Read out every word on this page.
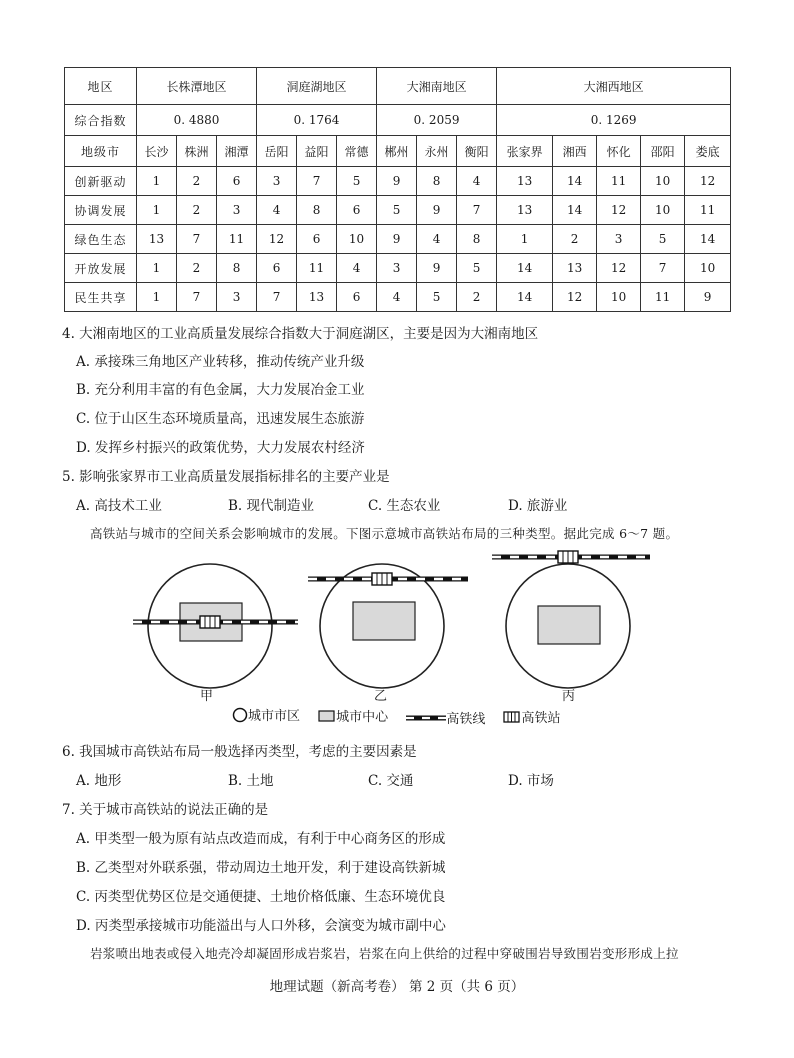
地区	长株潭地区			洞庭湖地区			大湘南地区			大湘西地区				
综合指数	0. 4880			0. 1764			0. 2059			0. 1269				
地级市	长沙	株洲	湘潭	岳阳	益阳	常德	郴州	永州	衡阳	张家界	湘西	怀化	邵阳	娄底
创新驱动	1	2	6	3	7	5	9	8	4	13	14	11	10	12
协调发展	1	2	3	4	8	6	5	9	7	13	14	12	10	11
绿色生态	13	7	11	12	6	10	9	4	8	1	2	3	5	14
开放发展	1	2	8	6	11	4	3	9	5	14	13	12	7	10
民生共享	1	7	3	7	13	6	4	5	2	14	12	10	11	9
4. 大湘南地区的工业高质量发展综合指数大于洞庭湖区，主要是因为大湘南地区
A. 承接珠三角地区产业转移，推动传统产业升级
B. 充分利用丰富的有色金属，大力发展冶金工业
C. 位于山区生态环境质量高，迅速发展生态旅游
D. 发挥乡村振兴的政策优势，大力发展农村经济
5. 影响张家界市工业高质量发展指标排名的主要产业是
A. 高技术工业	B. 现代制造业	C. 生态农业	D. 旅游业
高铁站与城市的空间关系会影响城市的发展。下图示意城市高铁站布局的三种类型。据此完成 6～7 题。
甲	乙	丙
城市市区
	城市中心
	高铁线
	高铁站
6. 我国城市高铁站布局一般选择丙类型，考虑的主要因素是
A. 地形	B. 土地	C. 交通	D. 市场
7. 关于城市高铁站的说法正确的是
A. 甲类型一般为原有站点改造而成，有利于中心商务区的形成
B. 乙类型对外联系强，带动周边土地开发，利于建设高铁新城
C. 丙类型优势区位是交通便捷、土地价格低廉、生态环境优良
D. 丙类型承接城市功能溢出与人口外移，会演变为城市副中心
岩浆喷出地表或侵入地壳冷却凝固形成岩浆岩，岩浆在向上供给的过程中穿破围岩导致围岩变形形成上拉
地理试题（新高考卷） 第 2 页（共 6 页）
